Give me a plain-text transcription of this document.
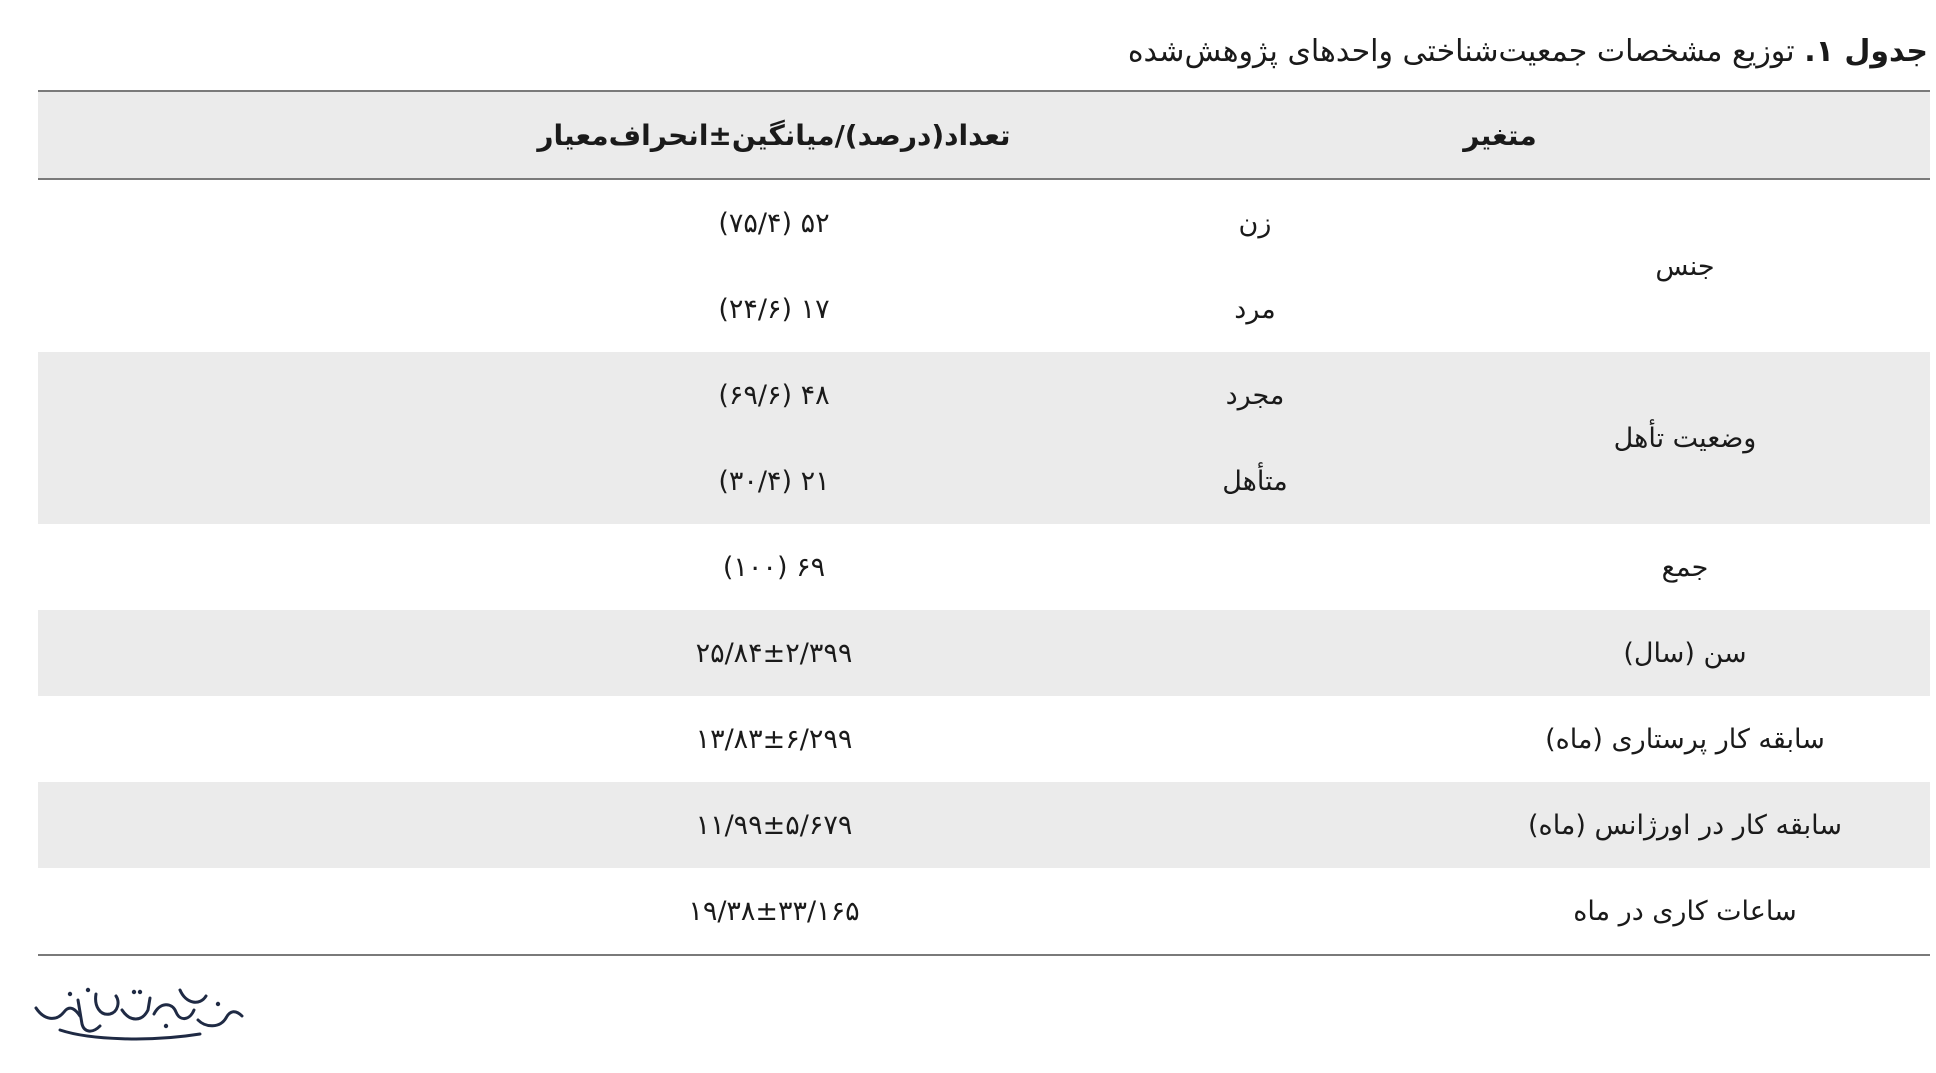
جدول ۱. توزیع مشخصات جمعیت‌شناختی واحدهای پژوهش‌شده
متغیر		تعداد(درصد)/میانگین±انحراف‌معیار
جنس	زن	۵۲ (۷۵/۴)
	مرد	۱۷ (۲۴/۶)
وضعیت تأهل	مجرد	۴۸ (۶۹/۶)
	متأهل	۲۱ (۳۰/۴)
جمع		۶۹ (۱۰۰)
سن (سال)		۲۵/۸۴±۲/۳۹۹
سابقه کار پرستاری (ماه)		۱۳/۸۳±۶/۲۹۹
سابقه کار در اورژانس (ماه)		۱۱/۹۹±۵/۶۷۹
ساعات کاری در ماه		۱۹/۳۸±۳۳/۱۶۵
